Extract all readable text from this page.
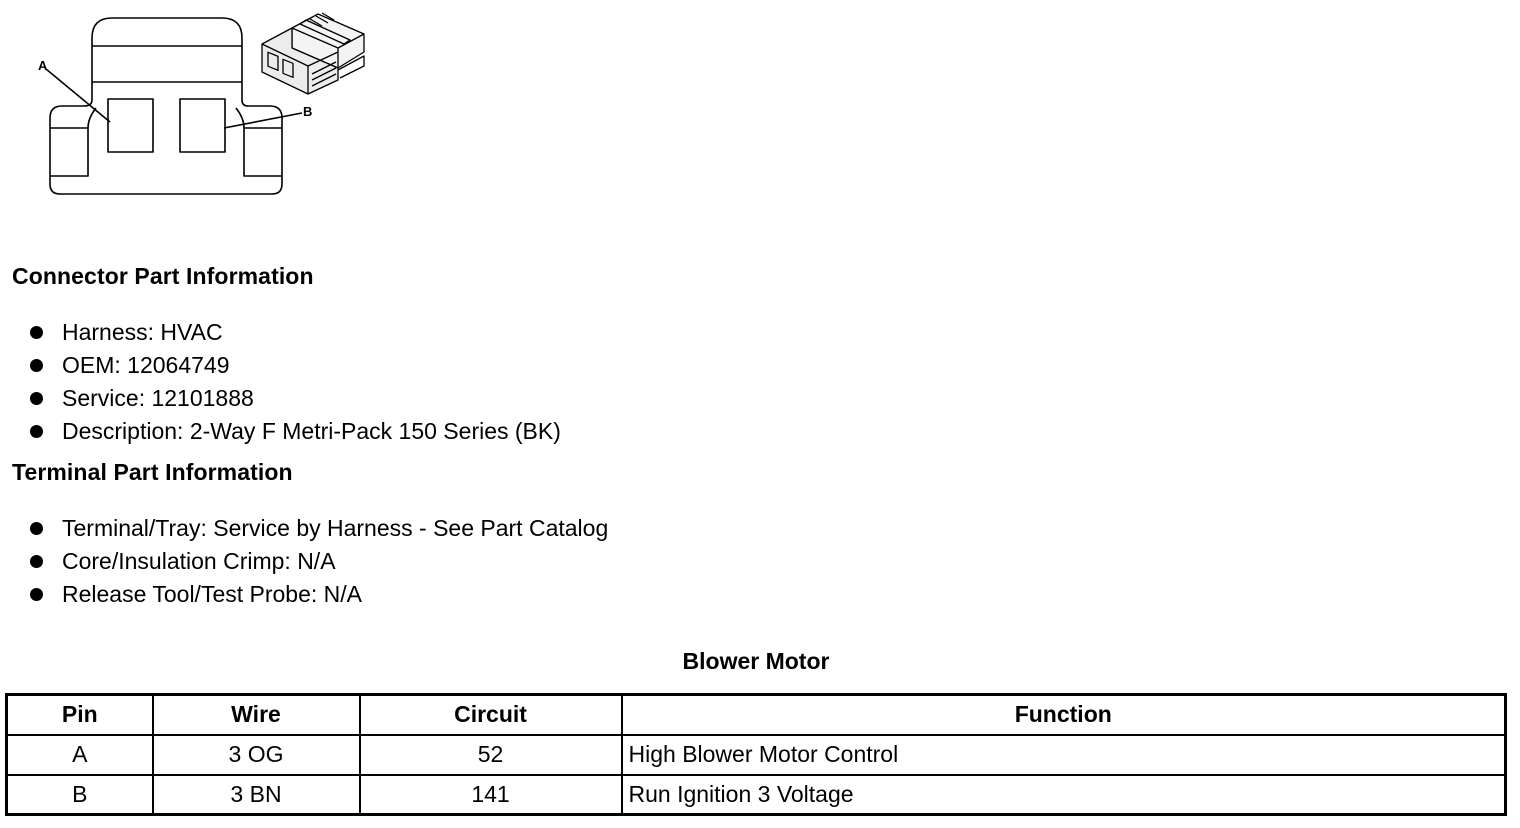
A
B
Connector Part Information
Harness: HVAC
OEM: 12064749
Service: 12101888
Description: 2-Way F Metri-Pack 150 Series (BK)
Terminal Part Information
Terminal/Tray: Service by Harness - See Part Catalog
Core/Insulation Crimp: N/A
Release Tool/Test Probe: N/A
Blower Motor
Pin	Wire	Circuit	Function
A	3 OG	52	High Blower Motor Control
B	3 BN	141	Run Ignition 3 Voltage
